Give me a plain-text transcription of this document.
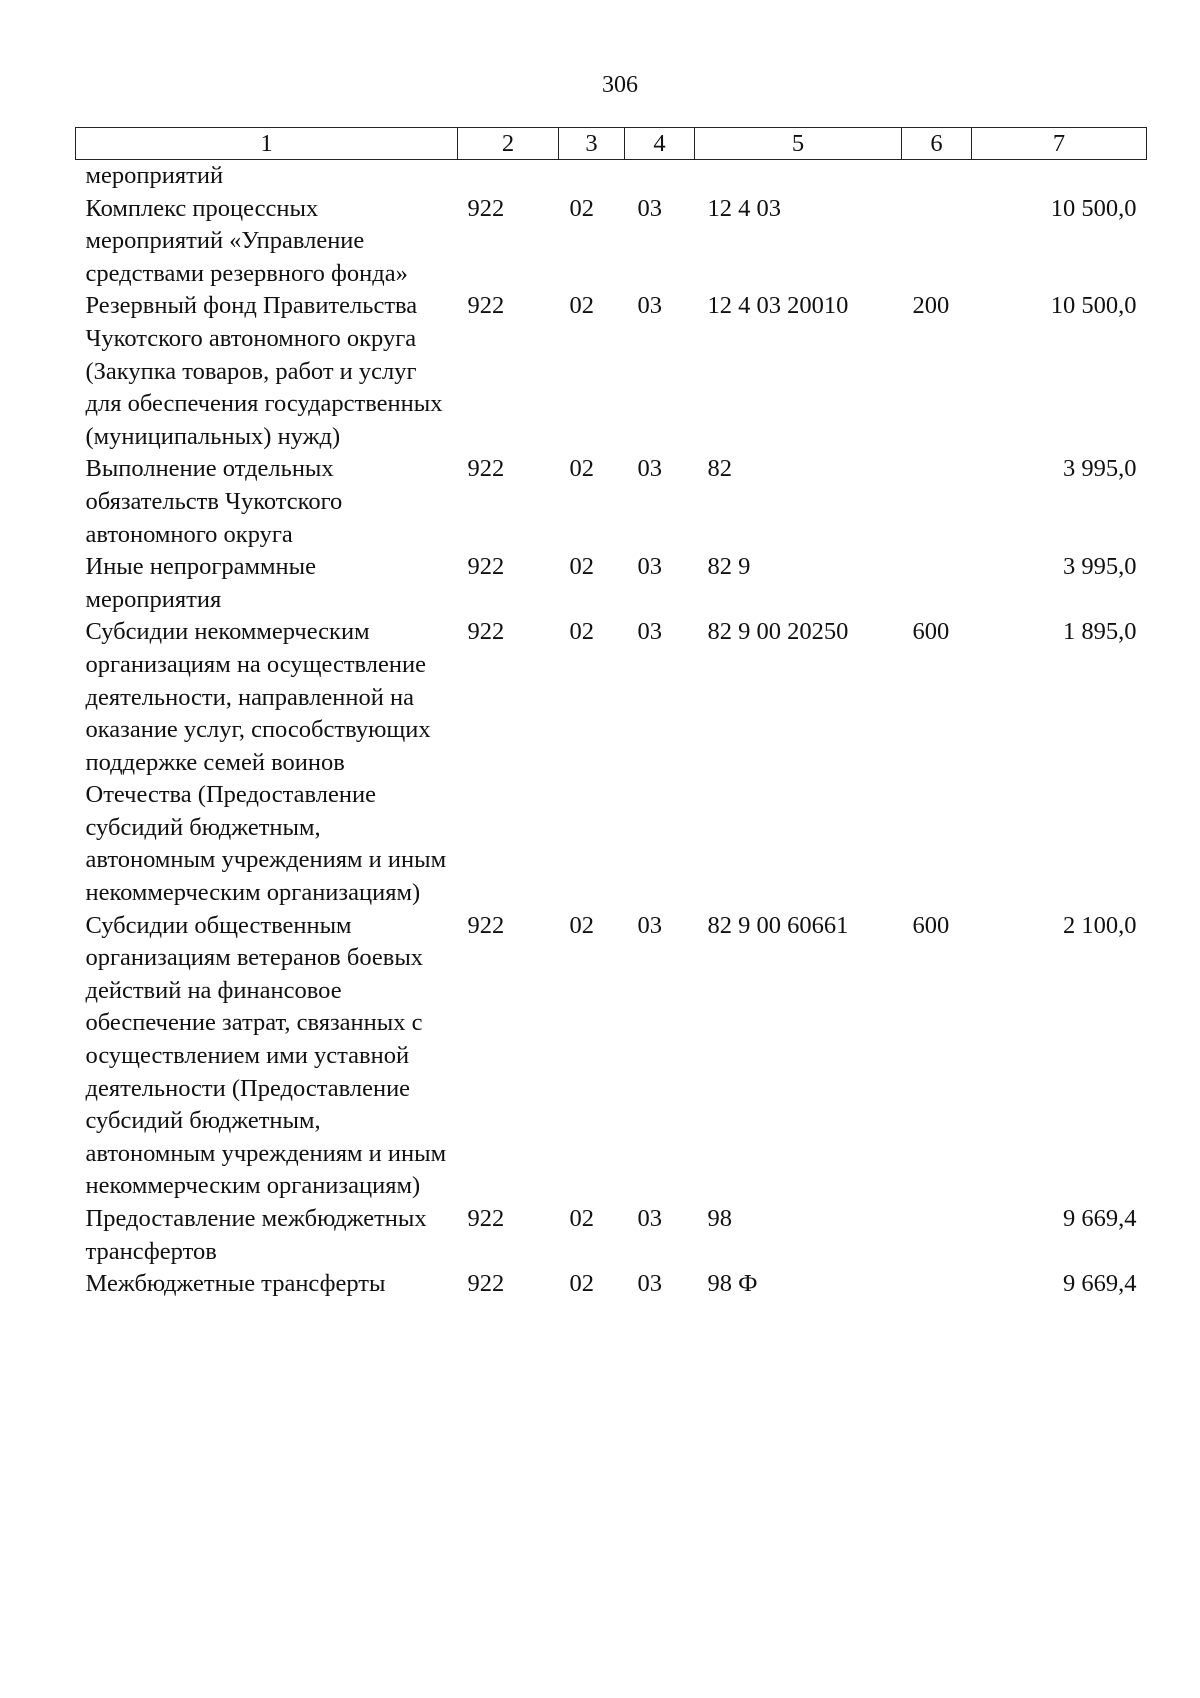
306
1	2	3	4	5	6	7
мероприятий						
Комплекс процессных мероприятий «Управление средствами резервного фонда»	922	02	03	12 4 03		10 500,0
Резервный фонд Правительства Чукотского автономного округа (Закупка товаров, работ и услуг для обеспечения государственных (муниципальных) нужд)	922	02	03	12 4 03 20010	200	10 500,0
Выполнение отдельных обязательств Чукотского автономного округа	922	02	03	82		3 995,0
Иные непрограммные мероприятия	922	02	03	82 9		3 995,0
Субсидии некоммерческим организациям на осуществление деятельности, направленной на оказание услуг, способствующих поддержке семей воинов Отечества (Предоставление субсидий бюджетным, автономным учреждениям и иным некоммерческим организациям)	922	02	03	82 9 00 20250	600	1 895,0
Субсидии общественным организациям ветеранов боевых действий на финансовое обеспечение затрат, связанных с осуществлением ими уставной деятельности (Предоставление субсидий бюджетным, автономным учреждениям и иным некоммерческим организациям)	922	02	03	82 9 00 60661	600	2 100,0
Предоставление межбюджетных трансфертов	922	02	03	98		9 669,4
Межбюджетные трансферты	922	02	03	98 Ф		9 669,4
